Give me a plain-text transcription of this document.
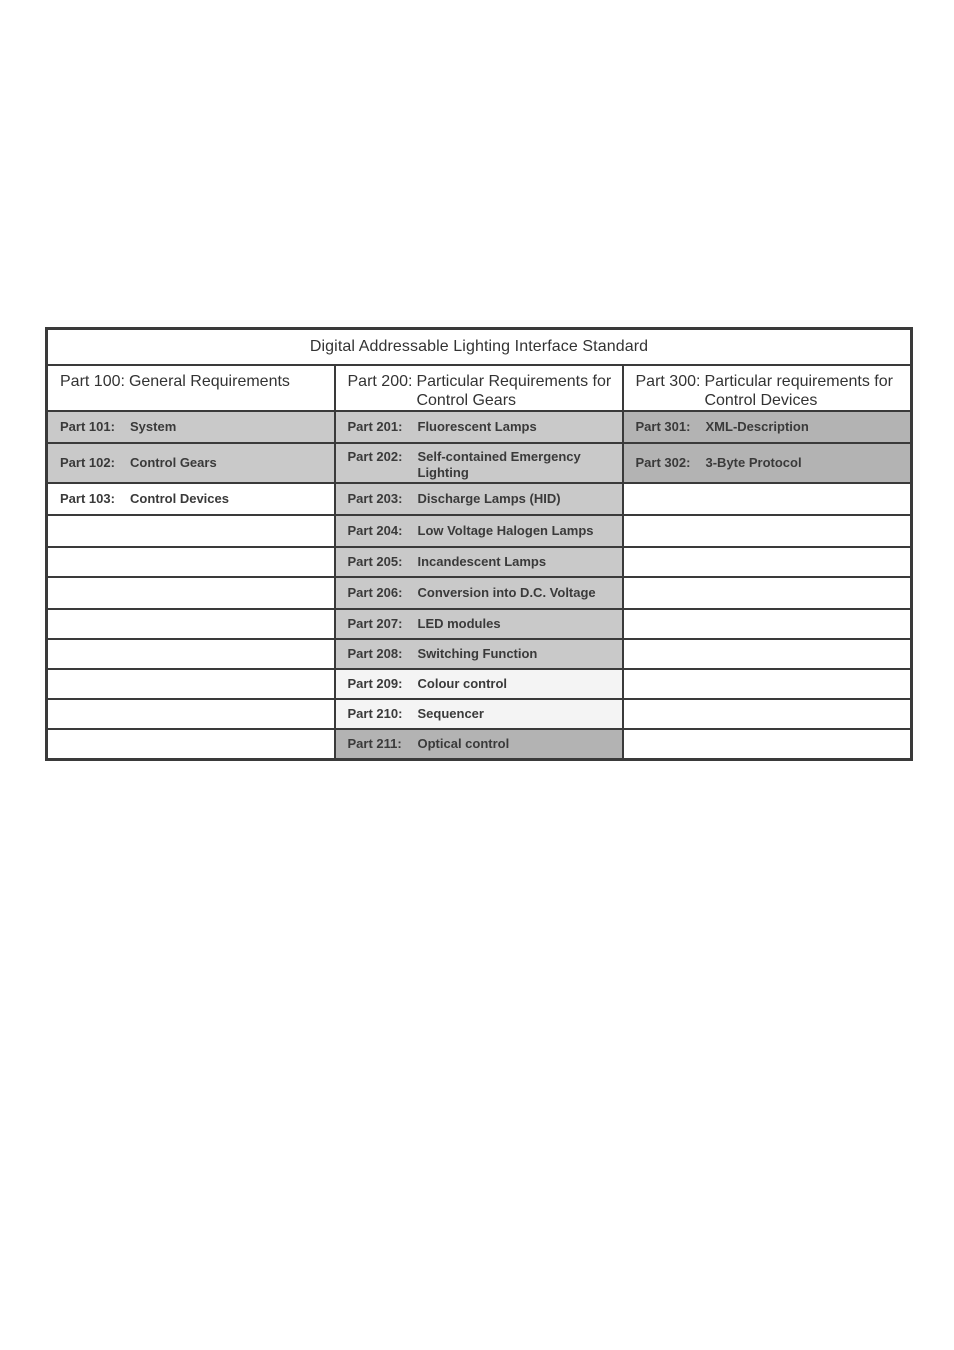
Digital Addressable Lighting Interface Standard		

Part 100: General Requirements	Part 200: Particular Requirements for Control Gears	Part 300: Particular requirements for Control Devices

Part 101: System	Part 201: Fluorescent Lamps	Part 301: XML-Description

Part 102: Control Gears	Part 202: Self-contained Emergency Lighting	Part 302: 3-Byte Protocol

Part 103: Control Devices	Part 203: Discharge Lamps (HID)	

	Part 204: Low Voltage Halogen Lamps	

	Part 205: Incandescent Lamps	

	Part 206: Conversion into D.C. Voltage	

	Part 207: LED modules	

	Part 208: Switching Function	

	Part 209: Colour control	

	Part 210: Sequencer	

	Part 211: Optical control	
